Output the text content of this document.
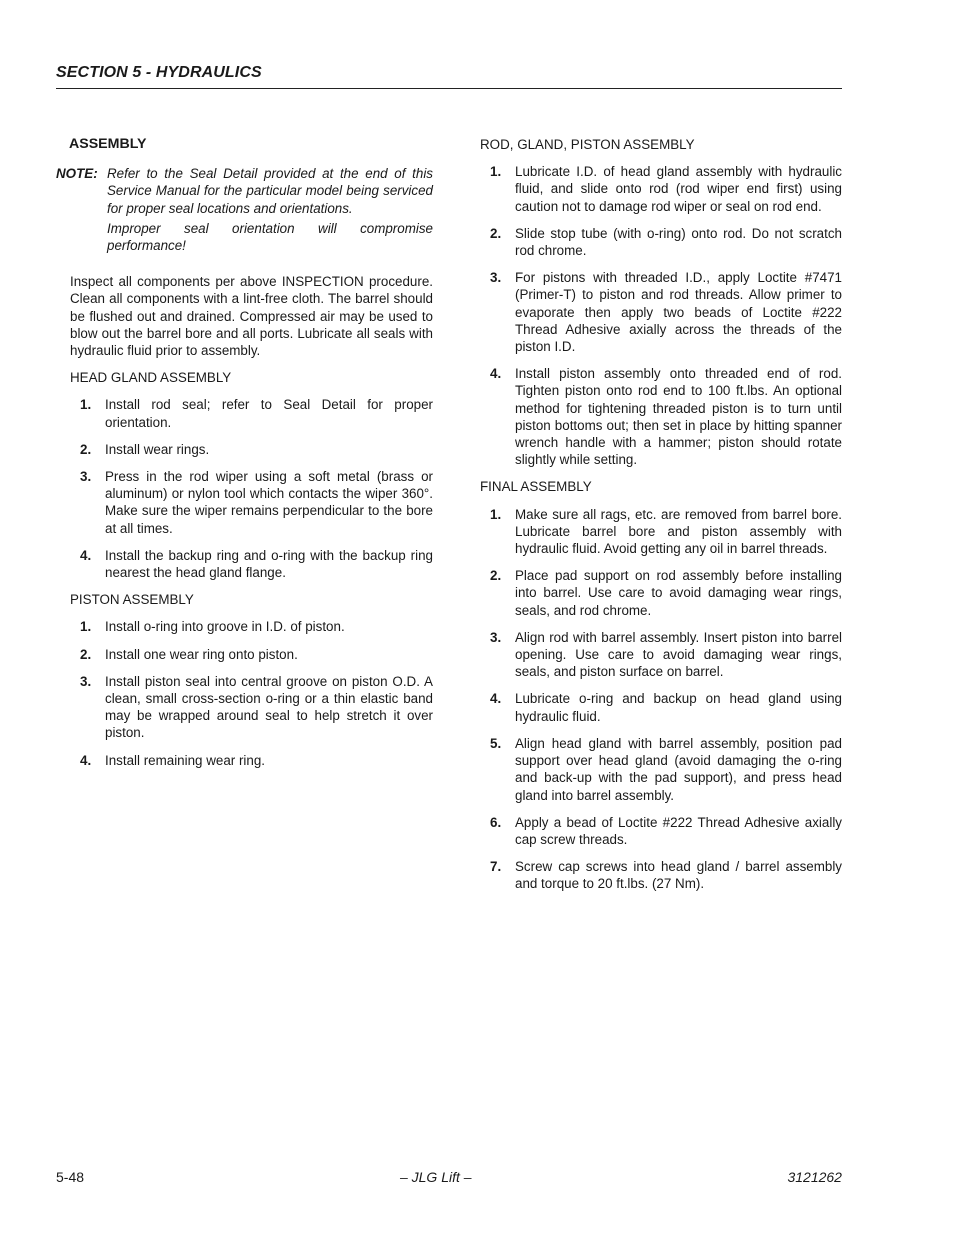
SECTION 5 - HYDRAULICS
ASSEMBLY
NOTE: Refer to the Seal Detail provided at the end of this Service Manual for the particular model being serviced for proper seal locations and orientations.

Improper seal orientation will compromise performance!

Inspect all components per above INSPECTION procedure. Clean all components with a lint-free cloth. The barrel should be flushed out and drained. Compressed air may be used to blow out the barrel bore and all ports. Lubricate all seals with hydraulic fluid prior to assembly.
HEAD GLAND ASSEMBLY
1.	Install rod seal; refer to Seal Detail for proper orientation.
2.	Install wear rings.
3.	Press in the rod wiper using a soft metal (brass or aluminum) or nylon tool which contacts the wiper 360°. Make sure the wiper remains perpendicular to the bore at all times.
4.	Install the backup ring and o-ring with the backup ring nearest the head gland flange.
PISTON ASSEMBLY
1.	Install o-ring into groove in I.D. of piston.
2.	Install one wear ring onto piston.
3.	Install piston seal into central groove on piston O.D. A clean, small cross-section o-ring or a thin elastic band may be wrapped around seal to help stretch it over piston.
4.	Install remaining wear ring.
ROD, GLAND, PISTON ASSEMBLY
1.	Lubricate I.D. of head gland assembly with hydraulic fluid, and slide onto rod (rod wiper end first) using caution not to damage rod wiper or seal on rod end.
2.	Slide stop tube (with o-ring) onto rod. Do not scratch rod chrome.
3.	For pistons with threaded I.D., apply Loctite #7471 (Primer-T) to piston and rod threads. Allow primer to evaporate then apply two beads of Loctite #222 Thread Adhesive axially across the threads of the piston I.D.
4.	Install piston assembly onto threaded end of rod. Tighten piston onto rod end to 100 ft.lbs. An optional method for tightening threaded piston is to turn until piston bottoms out; then set in place by hitting spanner wrench handle with a hammer; piston should rotate slightly while setting.
FINAL ASSEMBLY
1.	Make sure all rags, etc. are removed from barrel bore. Lubricate barrel bore and piston assembly with hydraulic fluid. Avoid getting any oil in barrel threads.
2.	Place pad support on rod assembly before installing into barrel. Use care to avoid damaging wear rings, seals, and rod chrome.
3.	Align rod with barrel assembly. Insert piston into barrel opening. Use care to avoid damaging wear rings, seals, and piston surface on barrel.
4.	Lubricate o-ring and backup on head gland using hydraulic fluid.
5.	Align head gland with barrel assembly, position pad support over head gland (avoid damaging the o-ring and back-up with the pad support), and press head gland into barrel assembly.
6.	Apply a bead of Loctite #222 Thread Adhesive axially cap screw threads.
7.	Screw cap screws into head gland / barrel assembly and torque to 20 ft.lbs. (27 Nm).
5-48	– JLG Lift –	3121262
